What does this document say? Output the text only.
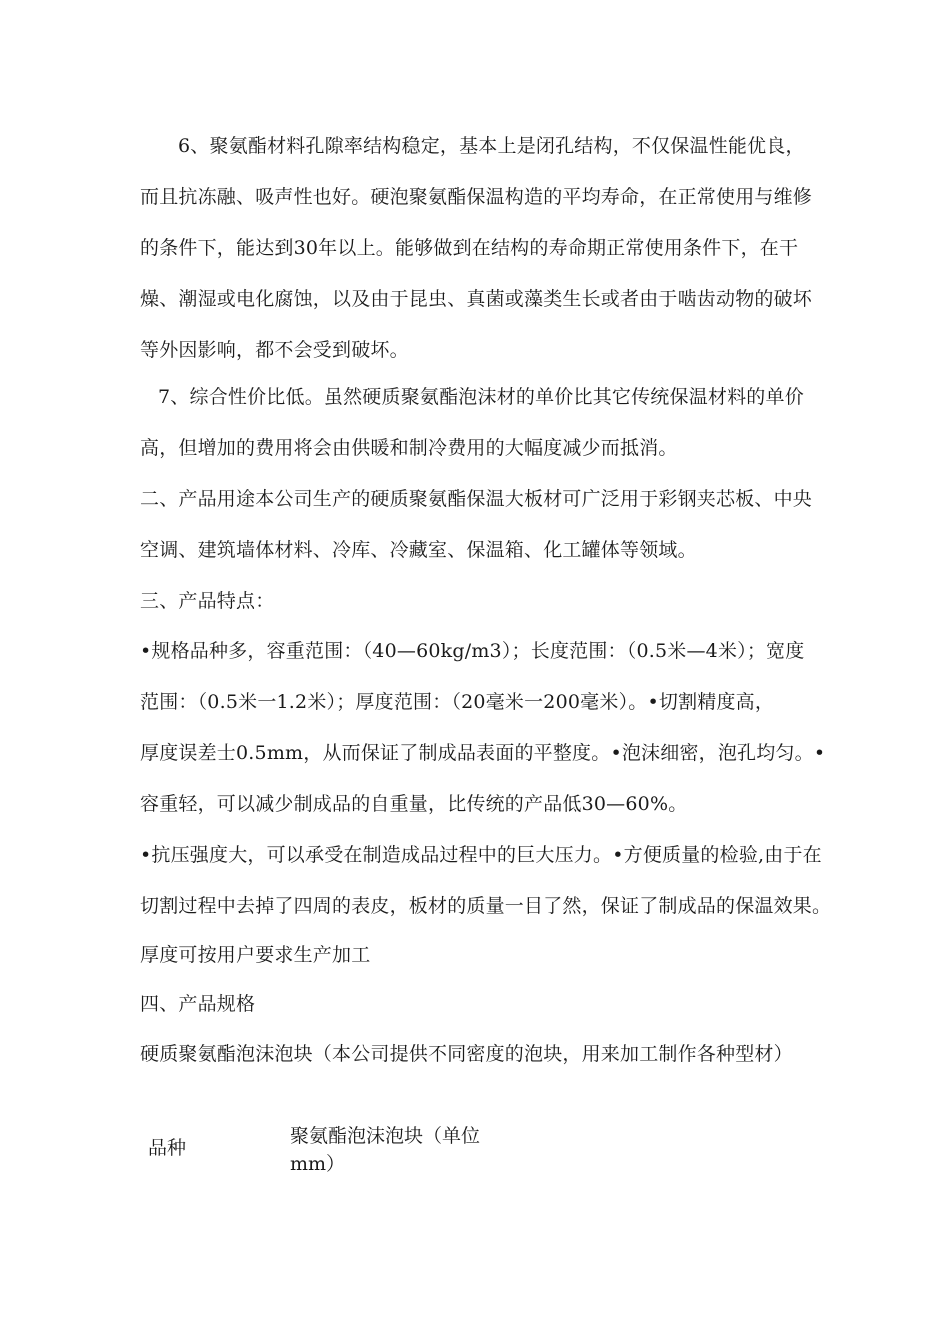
6、聚氨酯材料孔隙率结构稳定，基本上是闭孔结构，不仅保温性能优良，
而且抗冻融、吸声性也好。硬泡聚氨酯保温构造的平均寿命，在正常使用与维修
的条件下，能达到30年以上。能够做到在结构的寿命期正常使用条件下，在干
燥、潮湿或电化腐蚀，以及由于昆虫、真菌或藻类生长或者由于啮齿动物的破坏
等外因影响，都不会受到破坏。
7、综合性价比低。虽然硬质聚氨酯泡沫材的单价比其它传统保温材料的单价
高，但增加的费用将会由供暖和制冷费用的大幅度减少而抵消。
二、产品用途本公司生产的硬质聚氨酯保温大板材可广泛用于彩钢夹芯板、中央
空调、建筑墙体材料、冷库、冷藏室、保温箱、化工罐体等领域。
三、产品特点：
•规格品种多，容重范围：（40—60kg/m3）；长度范围：（0.5米—4米）；宽度
范围：（0.5米一1.2米）；厚度范围：（20毫米一200毫米）。•切割精度高，
厚度误差士0.5mm，从而保证了制成品表面的平整度。•泡沫细密，泡孔均匀。•
容重轻，可以减少制成品的自重量，比传统的产品低30—60%。
•抗压强度大，可以承受在制造成品过程中的巨大压力。•方便质量的检验,由于在
切割过程中去掉了四周的表皮，板材的质量一目了然，保证了制成品的保温效果。
厚度可按用户要求生产加工
四、产品规格
硬质聚氨酯泡沫泡块（本公司提供不同密度的泡块，用来加工制作各种型材）
品种
聚氨酯泡沫泡块（单位mm）
